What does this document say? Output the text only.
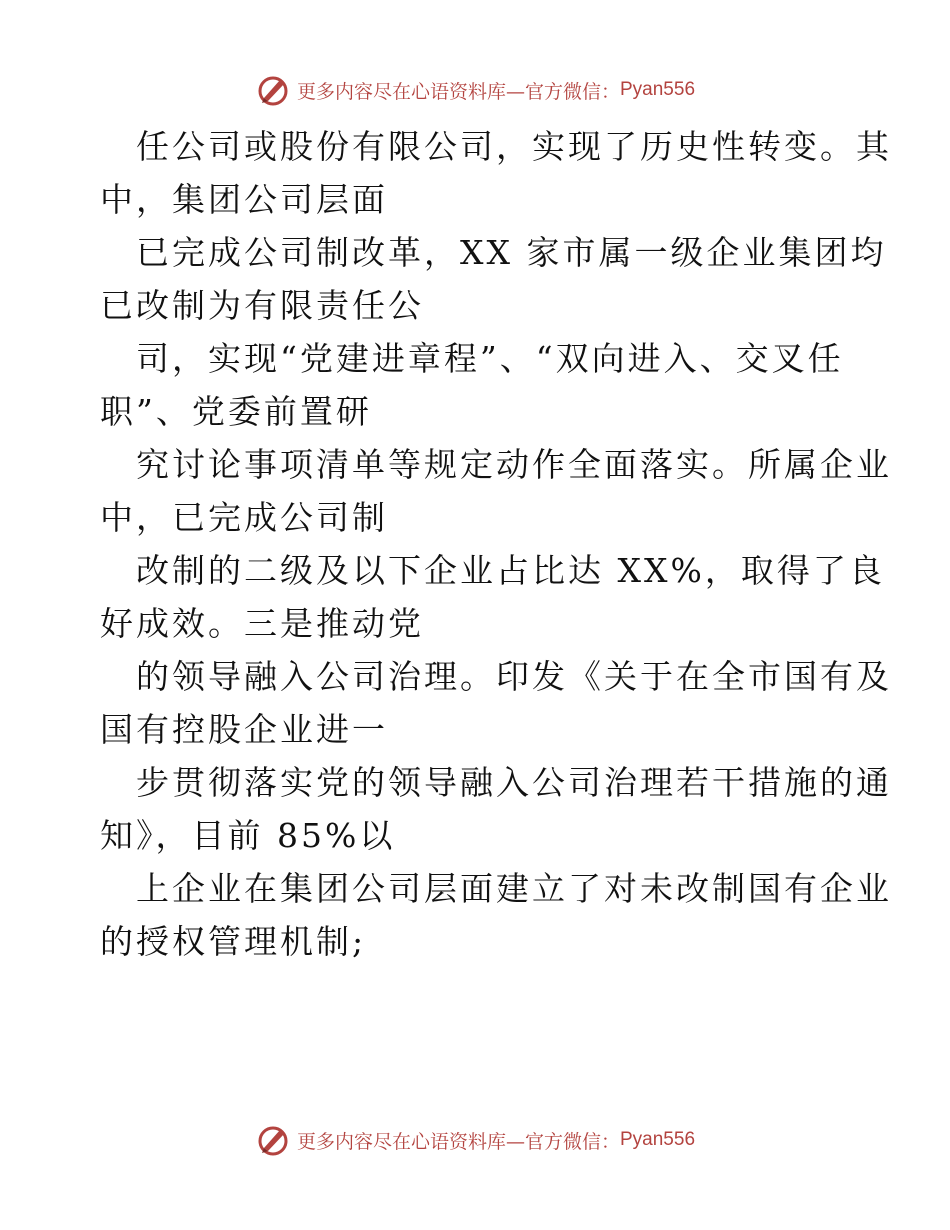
更多内容尽在心语资料库—官方微信： Pyan556

任公司或股份有限公司，实现了历史性转变。其
中，集团公司层面

已完成公司制改革，XX 家市属一级企业集团均
已改制为有限责任公

司，实现“党建进章程”、“双向进入、交叉任
职”、党委前置研

究讨论事项清单等规定动作全面落实。所属企业
中，已完成公司制

改制的二级及以下企业占比达 XX%，取得了良
好成效。三是推动党

的领导融入公司治理。印发《关于在全市国有及
国有控股企业进一

步贯彻落实党的领导融入公司治理若干措施的通
知》，目前 85%以

上企业在集团公司层面建立了对未改制国有企业
的授权管理机制;

更多内容尽在心语资料库—官方微信： Pyan556
